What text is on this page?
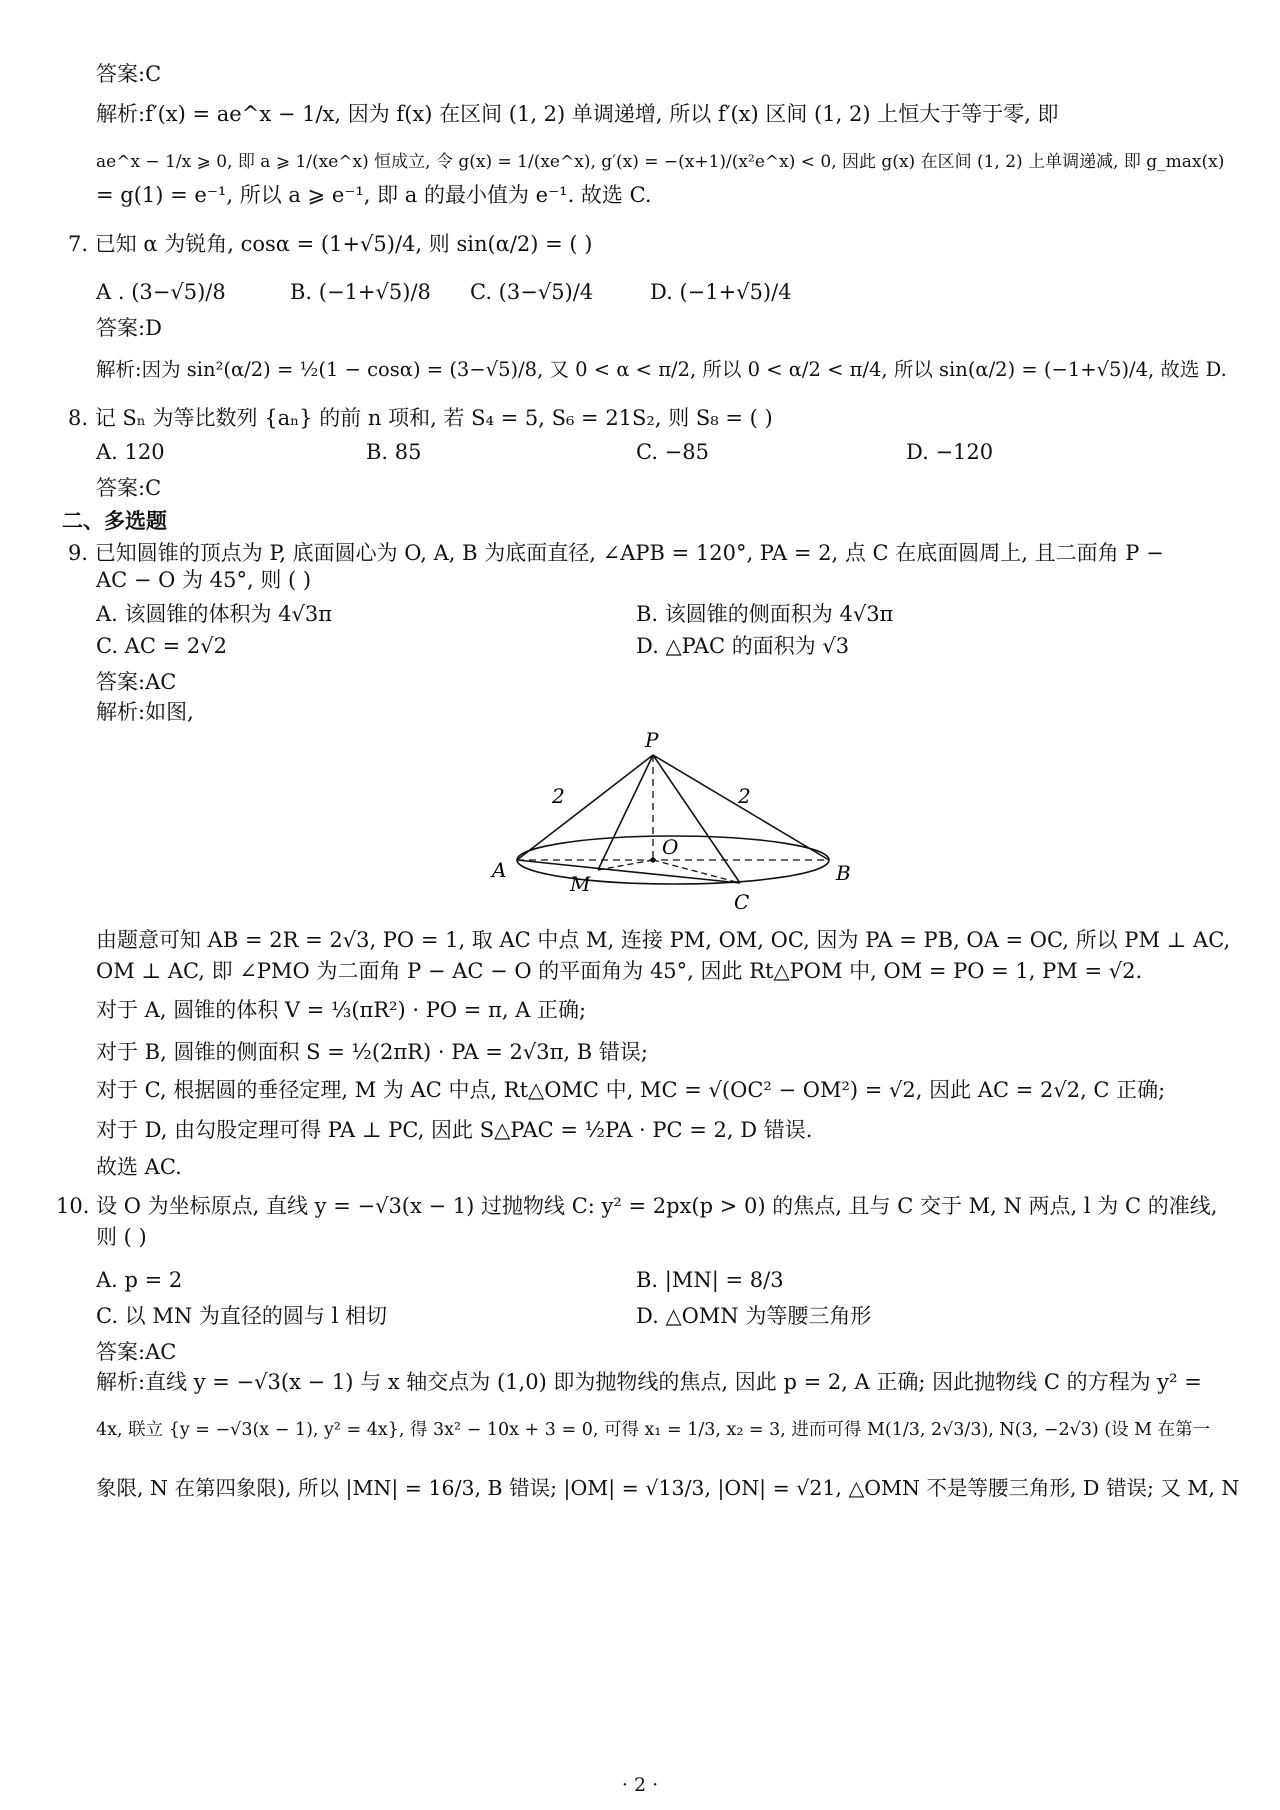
答案:C
解析:f′(x) = ae^x − 1/x, 因为 f(x) 在区间 (1, 2) 单调递增, 所以 f′(x) 区间 (1, 2) 上恒大于等于零, 即
ae^x − 1/x ⩾ 0, 即 a ⩾ 1/(xe^x) 恒成立, 令 g(x) = 1/(xe^x), g′(x) = −(x+1)/(x²e^x) < 0, 因此 g(x) 在区间 (1, 2) 上单调递减, 即 g_max(x)
= g(1) = e⁻¹, 所以 a ⩾ e⁻¹, 即 a 的最小值为 e⁻¹. 故选 C.
7. 已知 α 为锐角, cosα = (1+√5)/4, 则 sin(α/2) = ( )
A . (3−√5)/8	B. (−1+√5)/8 C. (3−√5)/4	D. (−1+√5)/4
答案:D
解析:因为 sin²(α/2) = ½(1 − cosα) = (3−√5)/8, 又 0 < α < π/2, 所以 0 < α/2 < π/4, 所以 sin(α/2) = (−1+√5)/4, 故选 D.
8. 记 Sₙ 为等比数列 {aₙ} 的前 n 项和, 若 S₄ = 5, S₆ = 21S₂, 则 S₈ = ( )
A. 120	B. 85	C. −85	D. −120
答案:C
二、多选题
9. 已知圆锥的顶点为 P, 底面圆心为 O, A, B 为底面直径, ∠APB = 120°, PA = 2, 点 C 在底面圆周上, 且二面角 P −
AC − O 为 45°, 则 ( )
A. 该圆锥的体积为 4√3π	B. 该圆锥的侧面积为 4√3π
C. AC = 2√2	D. △PAC 的面积为 √3
答案:AC
解析:如图,
P
O
A	B
C
M
2	2
由题意可知 AB = 2R = 2√3, PO = 1, 取 AC 中点 M, 连接 PM, OM, OC, 因为 PA = PB, OA = OC, 所以 PM ⊥ AC,
OM ⊥ AC, 即 ∠PMO 为二面角 P − AC − O 的平面角为 45°, 因此 Rt△POM 中, OM = PO = 1, PM = √2.
对于 A, 圆锥的体积 V = ⅓(πR²) · PO = π, A 正确;
对于 B, 圆锥的侧面积 S = ½(2πR) · PA = 2√3π, B 错误;
对于 C, 根据圆的垂径定理, M 为 AC 中点, Rt△OMC 中, MC = √(OC² − OM²) = √2, 因此 AC = 2√2, C 正确;
对于 D, 由勾股定理可得 PA ⊥ PC, 因此 S△PAC = ½PA · PC = 2, D 错误.
故选 AC.
10. 设 O 为坐标原点, 直线 y = −√3(x − 1) 过抛物线 C: y² = 2px(p > 0) 的焦点, 且与 C 交于 M, N 两点, l 为 C 的准线,
则 ( )
A. p = 2	B. |MN| = 8/3
C. 以 MN 为直径的圆与 l 相切	D. △OMN 为等腰三角形
答案:AC
解析:直线 y = −√3(x − 1) 与 x 轴交点为 (1,0) 即为抛物线的焦点, 因此 p = 2, A 正确; 因此抛物线 C 的方程为 y² =
4x, 联立 {y = −√3(x − 1), y² = 4x}, 得 3x² − 10x + 3 = 0, 可得 x₁ = 1/3, x₂ = 3, 进而可得 M(1/3, 2√3/3), N(3, −2√3) (设 M 在第一
象限, N 在第四象限), 所以 |MN| = 16/3, B 错误; |OM| = √13/3, |ON| = √21, △OMN 不是等腰三角形, D 错误; 又 M, N
· 2 ·
